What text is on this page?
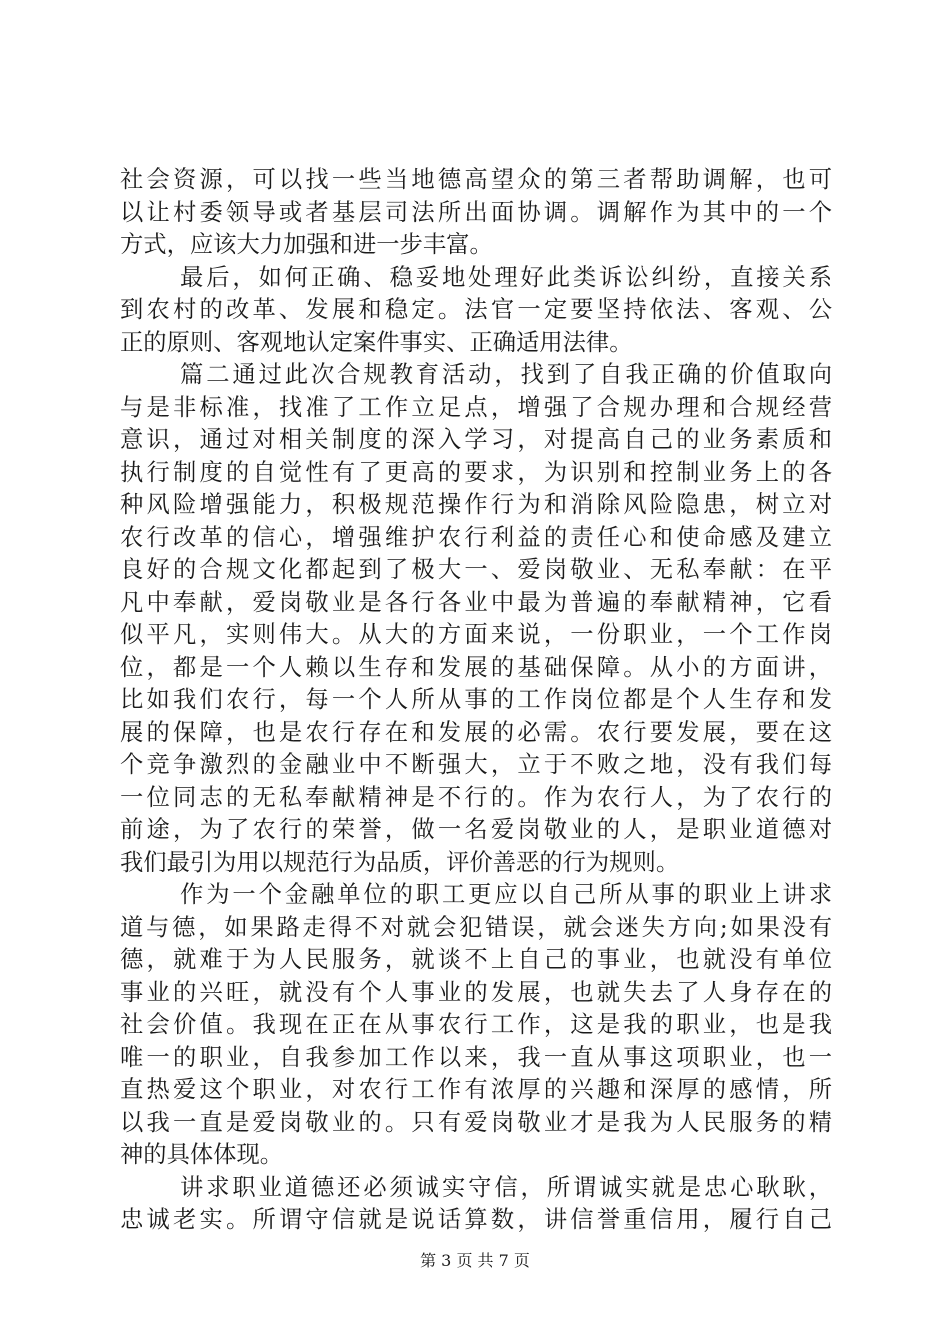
社会资源，可以找一些当地德高望众的第三者帮助调解，也可
以让村委领导或者基层司法所出面协调。调解作为其中的一个
方式，应该大力加强和进一步丰富。
最后，如何正确、稳妥地处理好此类诉讼纠纷，直接关系
到农村的改革、发展和稳定。法官一定要坚持依法、客观、公
正的原则、客观地认定案件事实、正确适用法律。
篇二通过此次合规教育活动，找到了自我正确的价值取向
与是非标准，找准了工作立足点，增强了合规办理和合规经营
意识，通过对相关制度的深入学习，对提高自己的业务素质和
执行制度的自觉性有了更高的要求，为识别和控制业务上的各
种风险增强能力，积极规范操作行为和消除风险隐患，树立对
农行改革的信心，增强维护农行利益的责任心和使命感及建立
良好的合规文化都起到了极大一、爱岗敬业、无私奉献：在平
凡中奉献，爱岗敬业是各行各业中最为普遍的奉献精神，它看
似平凡，实则伟大。从大的方面来说，一份职业，一个工作岗
位，都是一个人赖以生存和发展的基础保障。从小的方面讲，
比如我们农行，每一个人所从事的工作岗位都是个人生存和发
展的保障，也是农行存在和发展的必需。农行要发展，要在这
个竞争激烈的金融业中不断强大，立于不败之地，没有我们每
一位同志的无私奉献精神是不行的。作为农行人，为了农行的
前途，为了农行的荣誉，做一名爱岗敬业的人，是职业道德对
我们最引为用以规范行为品质，评价善恶的行为规则。
作为一个金融单位的职工更应以自己所从事的职业上讲求
道与德，如果路走得不对就会犯错误，就会迷失方向;如果没有
德，就难于为人民服务，就谈不上自己的事业，也就没有单位
事业的兴旺，就没有个人事业的发展，也就失去了人身存在的
社会价值。我现在正在从事农行工作，这是我的职业，也是我
唯一的职业，自我参加工作以来，我一直从事这项职业，也一
直热爱这个职业，对农行工作有浓厚的兴趣和深厚的感情，所
以我一直是爱岗敬业的。只有爱岗敬业才是我为人民服务的精
神的具体体现。
讲求职业道德还必须诚实守信，所谓诚实就是忠心耿耿，
忠诚老实。所谓守信就是说话算数，讲信誉重信用，履行自己
第 3 页 共 7 页
